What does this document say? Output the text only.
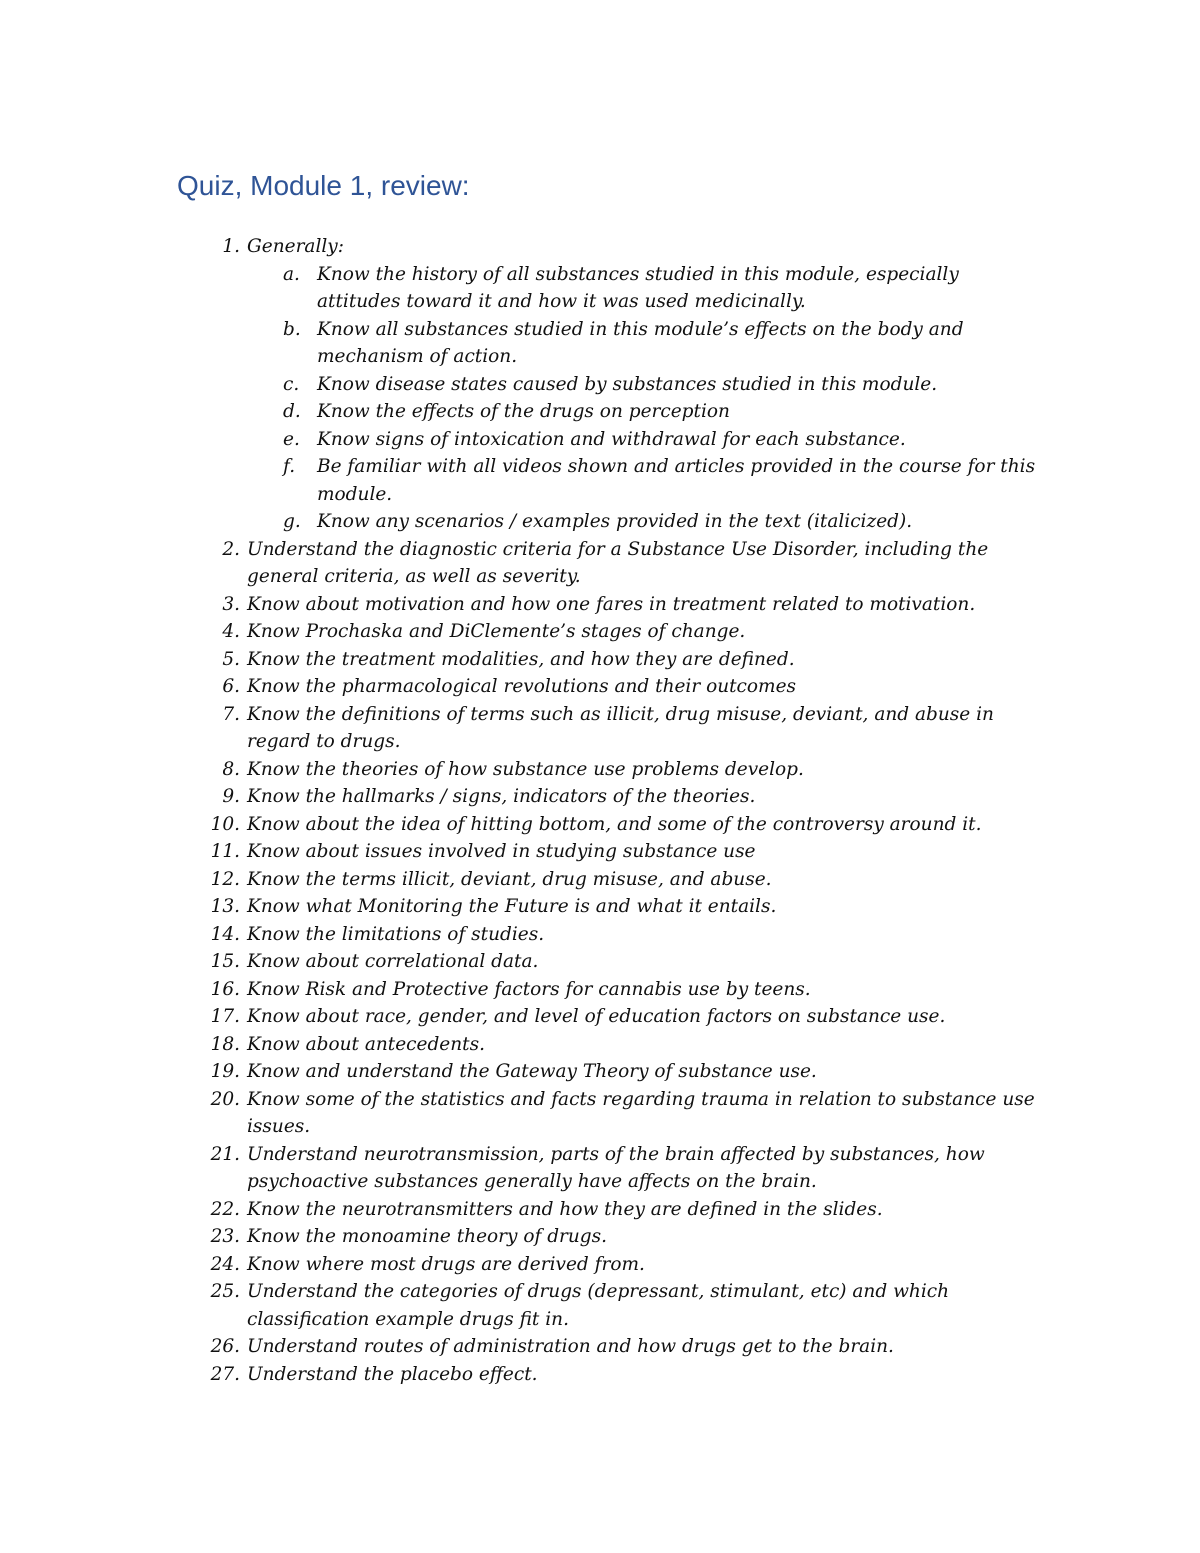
Quiz, Module 1, review:
1. Generally:
a. Know the history of all substances studied in this module, especially attitudes toward it and how it was used medicinally.
b. Know all substances studied in this module’s effects on the body and mechanism of action.
c. Know disease states caused by substances studied in this module.
d. Know the effects of the drugs on perception
e. Know signs of intoxication and withdrawal for each substance.
f. Be familiar with all videos shown and articles provided in the course for this module.
g. Know any scenarios / examples provided in the text (italicized).
2. Understand the diagnostic criteria for a Substance Use Disorder, including the general criteria, as well as severity.
3. Know about motivation and how one fares in treatment related to motivation.
4. Know Prochaska and DiClemente’s stages of change.
5. Know the treatment modalities, and how they are defined.
6. Know the pharmacological revolutions and their outcomes
7. Know the definitions of terms such as illicit, drug misuse, deviant, and abuse in regard to drugs.
8. Know the theories of how substance use problems develop.
9. Know the hallmarks / signs, indicators of the theories.
10. Know about the idea of hitting bottom, and some of the controversy around it.
11. Know about issues involved in studying substance use
12. Know the terms illicit, deviant, drug misuse, and abuse.
13. Know what Monitoring the Future is and what it entails.
14. Know the limitations of studies.
15. Know about correlational data.
16. Know Risk and Protective factors for cannabis use by teens.
17. Know about race, gender, and level of education factors on substance use.
18. Know about antecedents.
19. Know and understand the Gateway Theory of substance use.
20. Know some of the statistics and facts regarding trauma in relation to substance use issues.
21. Understand neurotransmission, parts of the brain affected by substances, how psychoactive substances generally have affects on the brain.
22. Know the neurotransmitters and how they are defined in the slides.
23. Know the monoamine theory of drugs.
24. Know where most drugs are derived from.
25. Understand the categories of drugs (depressant, stimulant, etc) and which classification example drugs fit in.
26. Understand routes of administration and how drugs get to the brain.
27. Understand the placebo effect.
